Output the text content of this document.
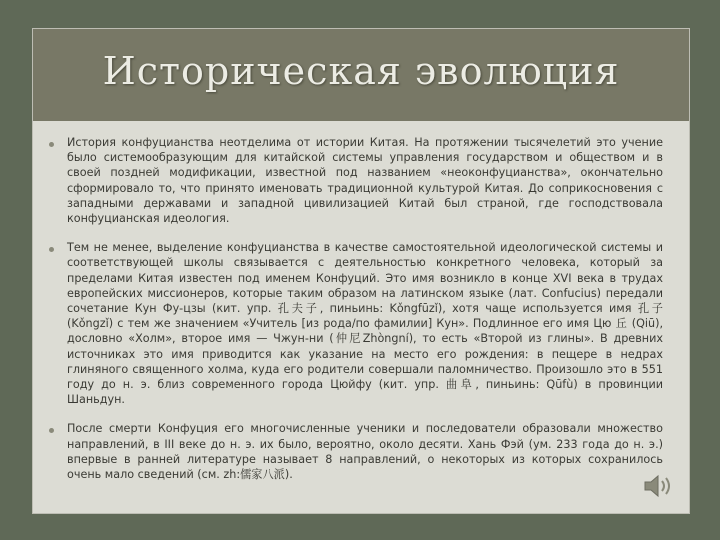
Историческая эволюция

История конфуцианства неотделима от истории Китая. На протяжении тысячелетий это учение было системообразующим для китайской системы управления государством и обществом и в своей поздней модификации, известной под названием «неоконфуцианства», окончательно сформировало то, что принято именовать традиционной культурой Китая. До соприкосновения с западными державами и западной цивилизацией Китай был страной, где господствовала конфуцианская идеология.

Тем не менее, выделение конфуцианства в качестве самостоятельной идеологической системы и соответствующей школы связывается с деятельностью конкретного человека, который за пределами Китая известен под именем Конфуций. Это имя возникло в конце XVI века в трудах европейских миссионеров, которые таким образом на латинском языке (лат. Confucius) передали сочетание Кун Фу-цзы (кит. упр. 孔夫子, пиньинь: Kǒngfūzǐ), хотя чаще используется имя 孔子 (Kǒngzǐ) с тем же значением «Учитель [из рода/по фамилии] Кун». Подлинное его имя Цю 丘 (Qiū), дословно «Холм», второе имя — Чжун-ни (仲尼Zhòngní), то есть «Второй из глины». В древних источниках это имя приводится как указание на место его рождения: в пещере в недрах глиняного священного холма, куда его родители совершали паломничество. Произошло это в 551 году до н. э. близ современного города Цюйфу (кит. упр. 曲阜, пиньинь: Qūfù) в провинции Шаньдун.

После смерти Конфуция его многочисленные ученики и последователи образовали множество направлений, в III веке до н. э. их было, вероятно, около десяти. Хань Фэй (ум. 233 года до н. э.) впервые в ранней литературе называет 8 направлений, о некоторых из которых сохранилось очень мало сведений (см. zh:儒家八派).
